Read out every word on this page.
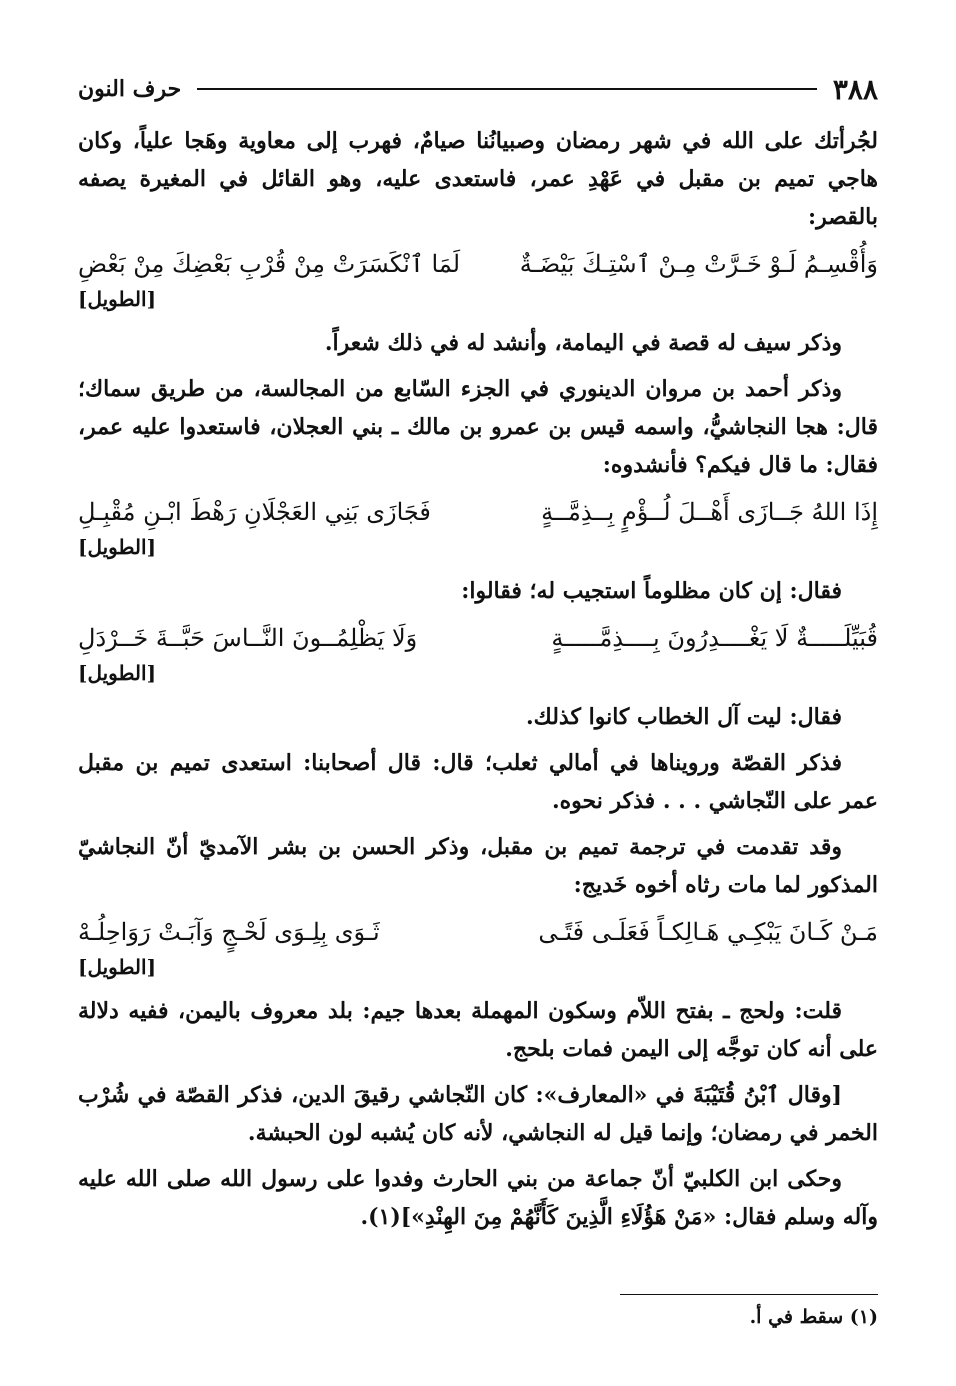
٣٨٨
حرف النون

لجُرأتك على الله في شهر رمضان وصبيانُنا صيامٌ، فهرب إلى معاوية وهَجا علياً، وكان هاجي تميم بن مقبل في عَهْدِ عمر، فاستعدى عليه، وهو القائل في المغيرة يصفه بالقصر:

وَأُقْسِـمُ لَـوْ خَـرَّتْ مِـنْ ٱسْتِـكَ بَيْضَـةٌ
لَمَا ٱنْكَسَرَتْ مِنْ قُرْبِ بَعْضِكَ مِنْ بَعْضِ
[الطويل]

وذكر سيف له قصة في اليمامة، وأنشد له في ذلك شعراً.

وذكر أحمد بن مروان الدينوري في الجزء السّابع من المجالسة، من طريق سماك؛ قال: هجا النجاشيُّ، واسمه قيس بن عمرو بن مالك ـ بني العجلان، فاستعدوا عليه عمر، فقال: ما قال فيكم؟ فأنشدوه:

إِذَا اللهُ جَــازَى أَهْــلَ لُــؤْمٍ بِــذِمَّــةٍ
فَجَازَى بَنِي العَجْلَانِ رَهْطَ ابْـنِ مُقْبِـلِ
[الطويل]

فقال: إن كان مظلوماً استجيب له؛ فقالوا:

قُبَيِّلَـــــةٌ لَا يَغْــــدِرُونَ بِــــذِمَّـــــةٍ
وَلَا يَظْلِمُــونَ النَّــاسَ حَبَّــةَ خَــرْدَلِ
[الطويل]

فقال: ليت آل الخطاب كانوا كذلك.

فذكر القصّة ورويناها في أمالي ثعلب؛ قال: قال أصحابنا: استعدى تميم بن مقبل عمر على النّجاشي . . . فذكر نحوه.

وقد تقدمت في ترجمة تميم بن مقبل، وذكر الحسن بن بشر الآمديّ أنّ النجاشيّ المذكور لما مات رثاه أخوه خَديج:

مَـنْ كَـانَ يَبْكِـي هَـالِكـاً فَعَلَـى فَتًـى
ثَـوَى بِلِـوَى لَحْـجٍ وَآبَـتْ رَوَاحِلُـهْ
[الطويل]

قلت: ولحج ـ بفتح اللاّم وسكون المهملة بعدها جيم: بلد معروف باليمن، ففيه دلالة على أنه كان توجَّه إلى اليمن فمات بلحج.

[وقال ٱبْنُ قُتَيْبَةَ في «المعارف»: كان النّجاشي رقيقَ الدين، فذكر القصّة في شُرْب الخمر في رمضان؛ وإنما قيل له النجاشي، لأنه كان يُشبه لون الحبشة.

وحكى ابن الكلبيّ أنّ جماعة من بني الحارث وفدوا على رسول الله صلى الله عليه وآله وسلم فقال: «مَنْ هَؤُلَاءِ الَّذِينَ كَأَنَّهُمْ مِنَ الهِنْدِ»](١).

(١) سقط في أ.
